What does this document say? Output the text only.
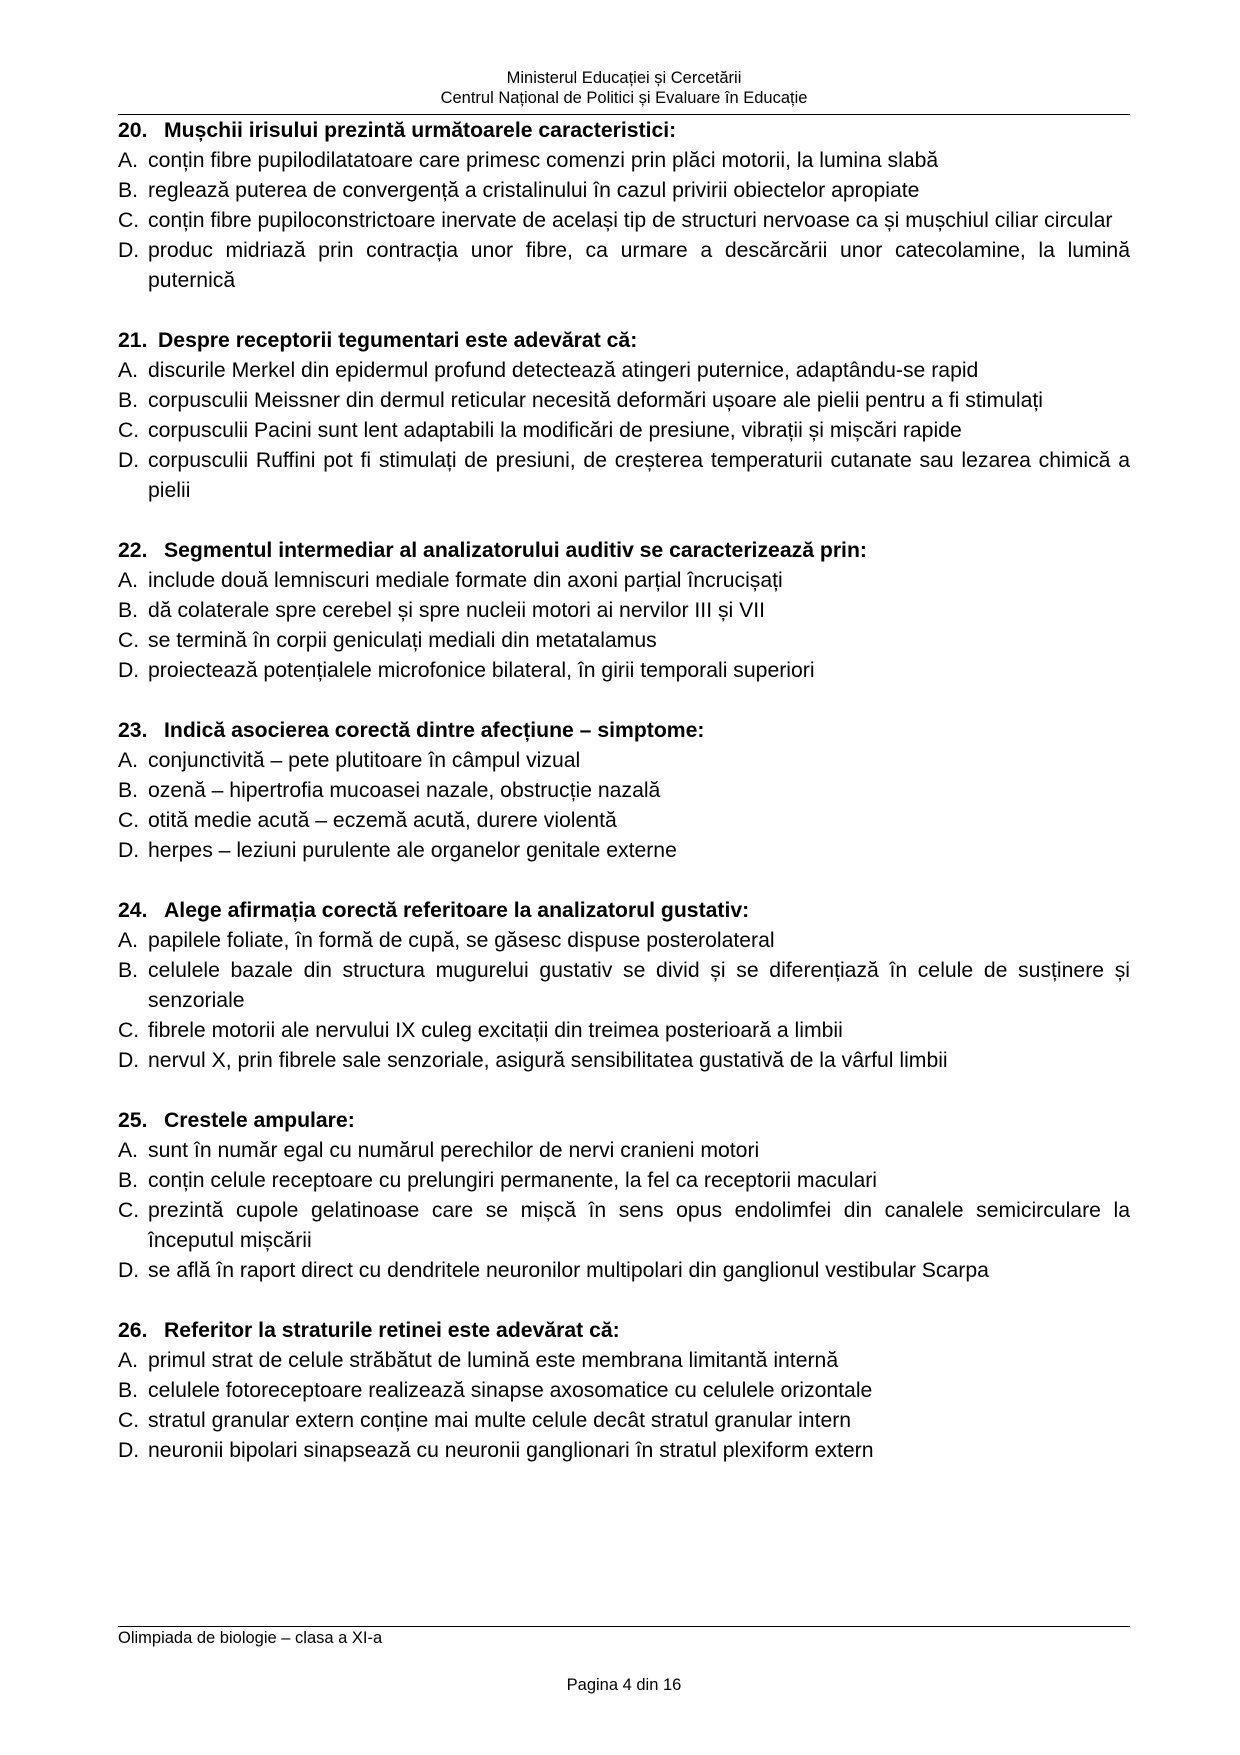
Ministerul Educației și Cercetării
Centrul Național de Politici și Evaluare în Educație
20. Mușchii irisului prezintă următoarele caracteristici:
A. conțin fibre pupilodilatatoare care primesc comenzi prin plăci motorii, la lumina slabă
B. reglează puterea de convergență a cristalinului în cazul privirii obiectelor apropiate
C. conțin fibre pupiloconstrictoare inervate de același tip de structuri nervoase ca și mușchiul ciliar circular
D. produc midriază prin contracția unor fibre, ca urmare a descărcării unor catecolamine, la lumină puternică
21. Despre receptorii tegumentari este adevărat că:
A. discurile Merkel din epidermul profund detectează atingeri puternice, adaptându-se rapid
B. corpusculii Meissner din dermul reticular necesită deformări ușoare ale pielii pentru a fi stimulați
C. corpusculii Pacini sunt lent adaptabili la modificări de presiune, vibrații și mișcări rapide
D. corpusculii Ruffini pot fi stimulați de presiuni, de creșterea temperaturii cutanate sau lezarea chimică a pielii
22. Segmentul intermediar al analizatorului auditiv se caracterizează prin:
A. include două lemniscuri mediale formate din axoni parțial încrucișați
B. dă colaterale spre cerebel și spre nucleii motori ai nervilor III și VII
C. se termină în corpii geniculați mediali din metatalamus
D. proiectează potențialele microfonice bilateral, în girii temporali superiori
23. Indică asocierea corectă dintre afecțiune – simptome:
A. conjunctivită – pete plutitoare în câmpul vizual
B. ozenă – hipertrofia mucoasei nazale, obstrucție nazală
C. otită medie acută – eczemă acută, durere violentă
D. herpes – leziuni purulente ale organelor genitale externe
24. Alege afirmația corectă referitoare la analizatorul gustativ:
A. papilele foliate, în formă de cupă, se găsesc dispuse posterolateral
B. celulele bazale din structura mugurelui gustativ se divid și se diferențiază în celule de susținere și senzoriale
C. fibrele motorii ale nervului IX culeg excitații din treimea posterioară a limbii
D. nervul X, prin fibrele sale senzoriale, asigură sensibilitatea gustativă de la vârful limbii
25. Crestele ampulare:
A. sunt în număr egal cu numărul perechilor de nervi cranieni motori
B. conțin celule receptoare cu prelungiri permanente, la fel ca receptorii maculari
C. prezintă cupole gelatinoase care se mișcă în sens opus endolimfei din canalele semicirculare la începutul mișcării
D. se află în raport direct cu dendritele neuronilor multipolari din ganglionul vestibular Scarpa
26. Referitor la straturile retinei este adevărat că:
A. primul strat de celule străbătut de lumină este membrana limitantă internă
B. celulele fotoreceptoare realizează sinapse axosomatice cu celulele orizontale
C. stratul granular extern conține mai multe celule decât stratul granular intern
D. neuronii bipolari sinapsează cu neuronii ganglionari în stratul plexiform extern
Olimpiada de biologie – clasa a XI-a
Pagina 4 din 16
